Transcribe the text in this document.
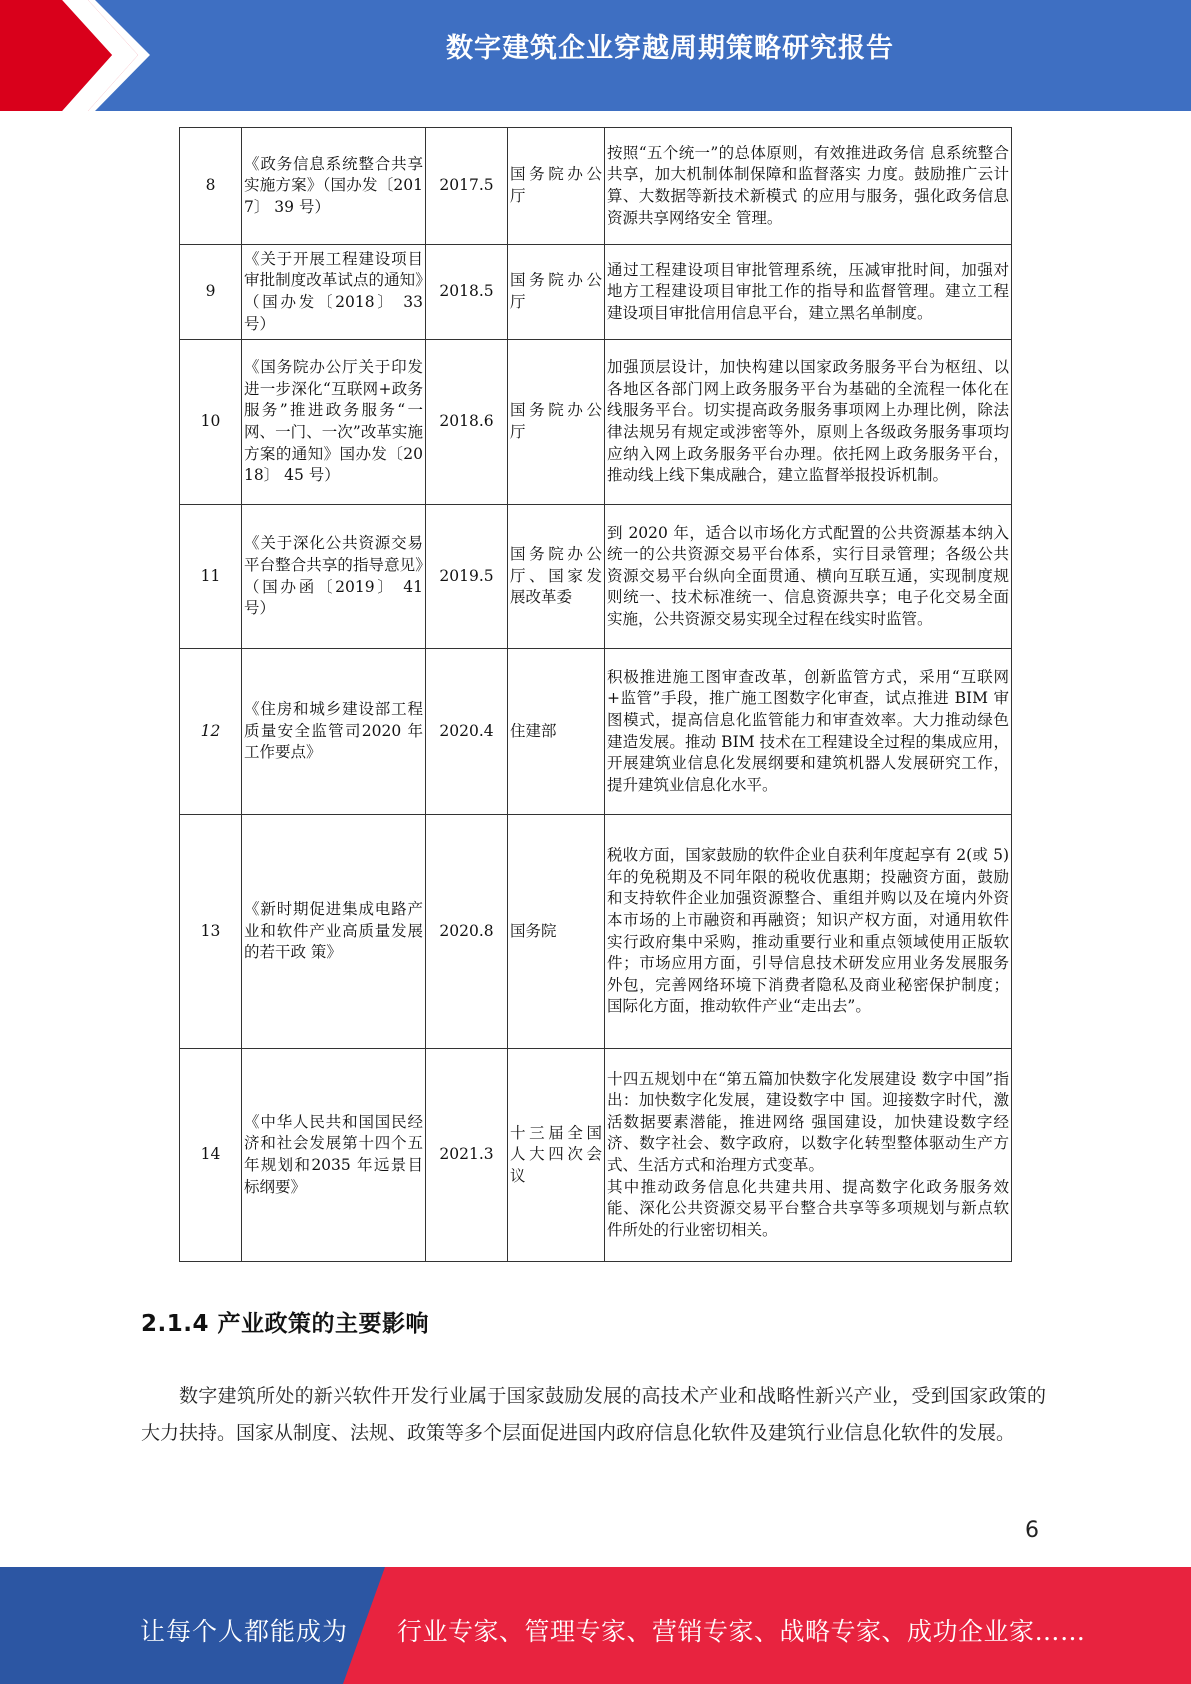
数字建筑企业穿越周期策略研究报告
8	《政务信息系统整合共享实施方案》（国办发〔2017〕 39 号）	2017.5	国务院办公厅	按照“五个统一”的总体原则，有效推进政务信 息系统整合共享，加大机制体制保障和监督落实 力度。鼓励推广云计算、大数据等新技术新模式 的应用与服务，强化政务信息资源共享网络安全 管理。
9	《关于开展工程建设项目审批制度改革试点的通知》（国办发〔2018〕 33 号）	2018.5	国务院办公厅	通过工程建设项目审批管理系统，压减审批时间，加强对地方工程建设项目审批工作的指导和监督管理。建立工程建设项目审批信用信息平台，建立黑名单制度。
10	《国务院办公厅关于印发进一步深化“互联网+政务服务”推进政务服务“一网、一门、一次”改革实施方案的通知》国办发〔2018〕 45 号）	2018.6	国务院办公厅	加强顶层设计，加快构建以国家政务服务平台为枢纽、以各地区各部门网上政务服务平台为基础的全流程一体化在线服务平台。切实提高政务服务事项网上办理比例，除法律法规另有规定或涉密等外，原则上各级政务服务事项均应纳入网上政务服务平台办理。依托网上政务服务平台，推动线上线下集成融合，建立监督举报投诉机制。
11	《关于深化公共资源交易平台整合共享的指导意见》（国办函〔2019〕 41 号）	2019.5	国务院办公厅、国家发展改革委	到 2020 年，适合以市场化方式配置的公共资源基本纳入统一的公共资源交易平台体系，实行目录管理；各级公共资源交易平台纵向全面贯通、横向互联互通，实现制度规则统一、技术标准统一、信息资源共享；电子化交易全面实施，公共资源交易实现全过程在线实时监管。
12	《住房和城乡建设部工程质量安全监管司2020 年工作要点》	2020.4	住建部	积极推进施工图审查改革，创新监管方式，采用“互联网+监管”手段，推广施工图数字化审查，试点推进 BIM 审图模式，提高信息化监管能力和审查效率。大力推动绿色建造发展。推动 BIM 技术在工程建设全过程的集成应用，开展建筑业信息化发展纲要和建筑机器人发展研究工作，提升建筑业信息化水平。
13	《新时期促进集成电路产业和软件产业高质量发展的若干政 策》	2020.8	国务院	税收方面，国家鼓励的软件企业自获利年度起享有 2(或 5)年的免税期及不同年限的税收优惠期；投融资方面，鼓励和支持软件企业加强资源整合、重组并购以及在境内外资本市场的上市融资和再融资；知识产权方面，对通用软件实行政府集中采购，推动重要行业和重点领域使用正版软件；市场应用方面，引导信息技术研发应用业务发展服务外包，完善网络环境下消费者隐私及商业秘密保护制度；国际化方面，推动软件产业“走出去”。
14	《中华人民共和国国民经济和社会发展第十四个五年规划和2035 年远景目标纲要》	2021.3	十三届全国人大四次会议	十四五规划中在“第五篇加快数字化发展建设 数字中国”指出：加快数字化发展，建设数字中 国。迎接数字时代，激活数据要素潜能，推进网络 强国建设，加快建设数字经济、数字社会、数字政府，以数字化转型整体驱动生产方式、生活方式和治理方式变革。
其中推动政务信息化共建共用、提高数字化政务服务效能、深化公共资源交易平台整合共享等多项规划与新点软件所处的行业密切相关。
2.1.4 产业政策的主要影响
数字建筑所处的新兴软件开发行业属于国家鼓励发展的高技术产业和战略性新兴产业，受到国家政策的大力扶持。国家从制度、法规、政策等多个层面促进国内政府信息化软件及建筑行业信息化软件的发展。
6
让每个人都能成为 行业专家、管理专家、营销专家、战略专家、成功企业家……
